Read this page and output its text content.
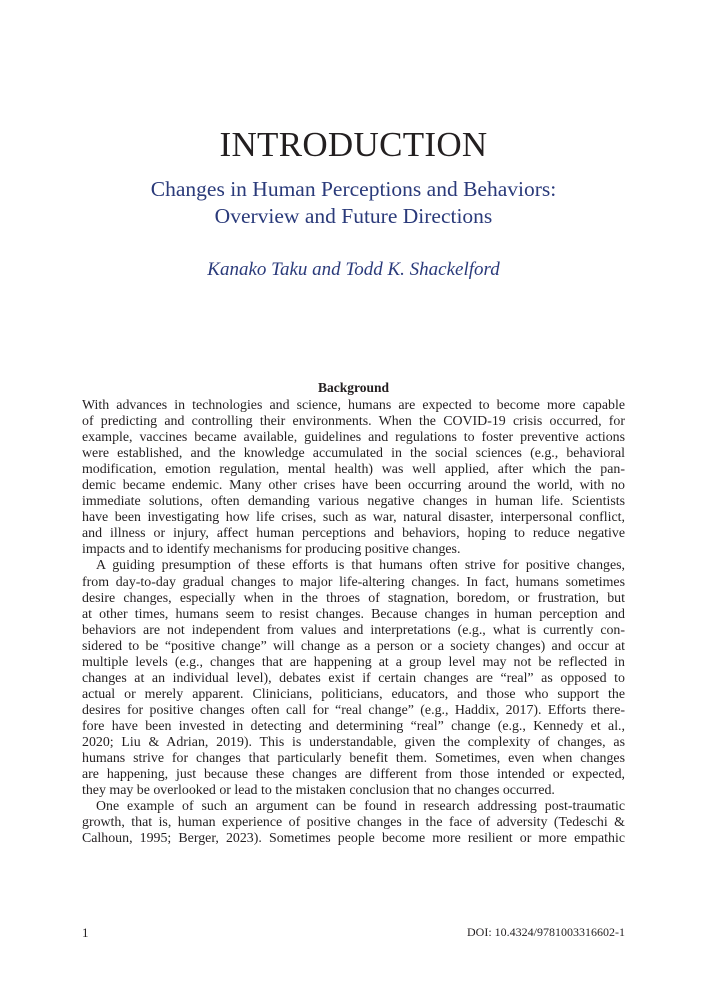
INTRODUCTION
Changes in Human Perceptions and Behaviors:
Overview and Future Directions

Kanako Taku and Todd K. Shackelford

Background
With advances in technologies and science, humans are expected to become more capable
of predicting and controlling their environments. When the COVID-19 crisis occurred, for
example, vaccines became available, guidelines and regulations to foster preventive actions
were established, and the knowledge accumulated in the social sciences (e.g., behavioral
modification, emotion regulation, mental health) was well applied, after which the pan-
demic became endemic. Many other crises have been occurring around the world, with no
immediate solutions, often demanding various negative changes in human life. Scientists
have been investigating how life crises, such as war, natural disaster, interpersonal conflict,
and illness or injury, affect human perceptions and behaviors, hoping to reduce negative
impacts and to identify mechanisms for producing positive changes.
A guiding presumption of these efforts is that humans often strive for positive changes,
from day-to-day gradual changes to major life-altering changes. In fact, humans sometimes
desire changes, especially when in the throes of stagnation, boredom, or frustration, but
at other times, humans seem to resist changes. Because changes in human perception and
behaviors are not independent from values and interpretations (e.g., what is currently con-
sidered to be “positive change” will change as a person or a society changes) and occur at
multiple levels (e.g., changes that are happening at a group level may not be reflected in
changes at an individual level), debates exist if certain changes are “real” as opposed to
actual or merely apparent. Clinicians, politicians, educators, and those who support the
desires for positive changes often call for “real change” (e.g., Haddix, 2017). Efforts there-
fore have been invested in detecting and determining “real” change (e.g., Kennedy et al.,
2020; Liu & Adrian, 2019). This is understandable, given the complexity of changes, as
humans strive for changes that particularly benefit them. Sometimes, even when changes
are happening, just because these changes are different from those intended or expected,
they may be overlooked or lead to the mistaken conclusion that no changes occurred.
One example of such an argument can be found in research addressing post-traumatic
growth, that is, human experience of positive changes in the face of adversity (Tedeschi &
Calhoun, 1995; Berger, 2023). Sometimes people become more resilient or more empathic

1	DOI: 10.4324/9781003316602-1
